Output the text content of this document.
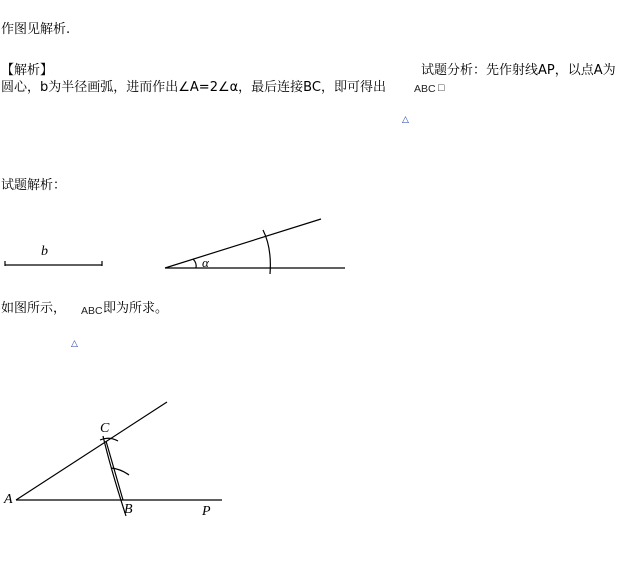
作图见解析.
【解析】	试题分析：先作射线AP，以点A为
圆心，b为半径画弧，进而作出∠A=2∠α，最后连接BC，即可得出	ABC □
△
试题解析：
b
α
如图所示， ABC 即为所求。
△
A
B
C
P
